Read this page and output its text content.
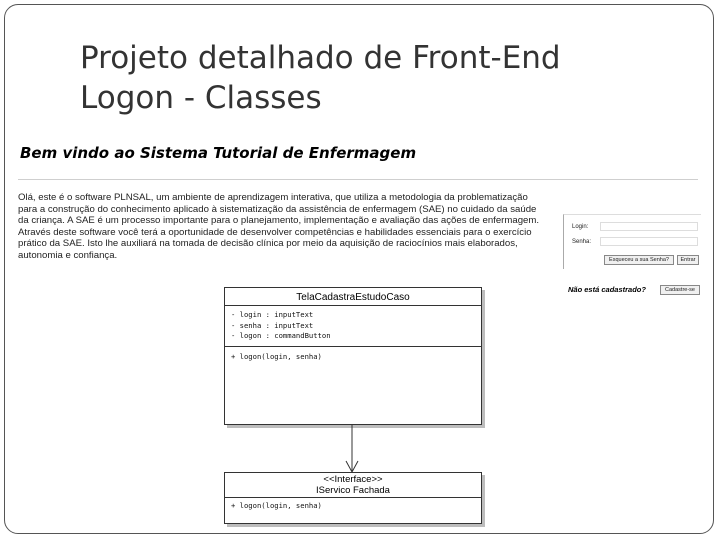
Projeto detalhado de Front-End
Logon - Classes
Bem vindo ao Sistema Tutorial de Enfermagem

Olá, este é o software PLNSAL, um ambiente de aprendizagem interativa, que utiliza a metodologia da problematização para a construção do conhecimento aplicado à sistematização da assistência de enfermagem (SAE) no cuidado da saúde da criança. A SAE é um processo importante para o planejamento, implementação e avaliação das ações de enfermagem. Através deste software você terá a oportunidade de desenvolver competências e habilidades essenciais para o exercício prático da SAE. Isto lhe auxiliará na tomada de decisão clínica por meio da aquisição de raciocínios mais elaborados, autonomia e confiança.

Login:
Senha:
Esqueceu a sua Senha?	Entrar
Não está cadastrado?	Cadastre-se
TelaCadastraEstudoCaso
- login : inputText
- senha : inputText
- logon : commandButton
+ logon(login, senha)
<<Interface>>
IServico Fachada
+ logon(login, senha)
